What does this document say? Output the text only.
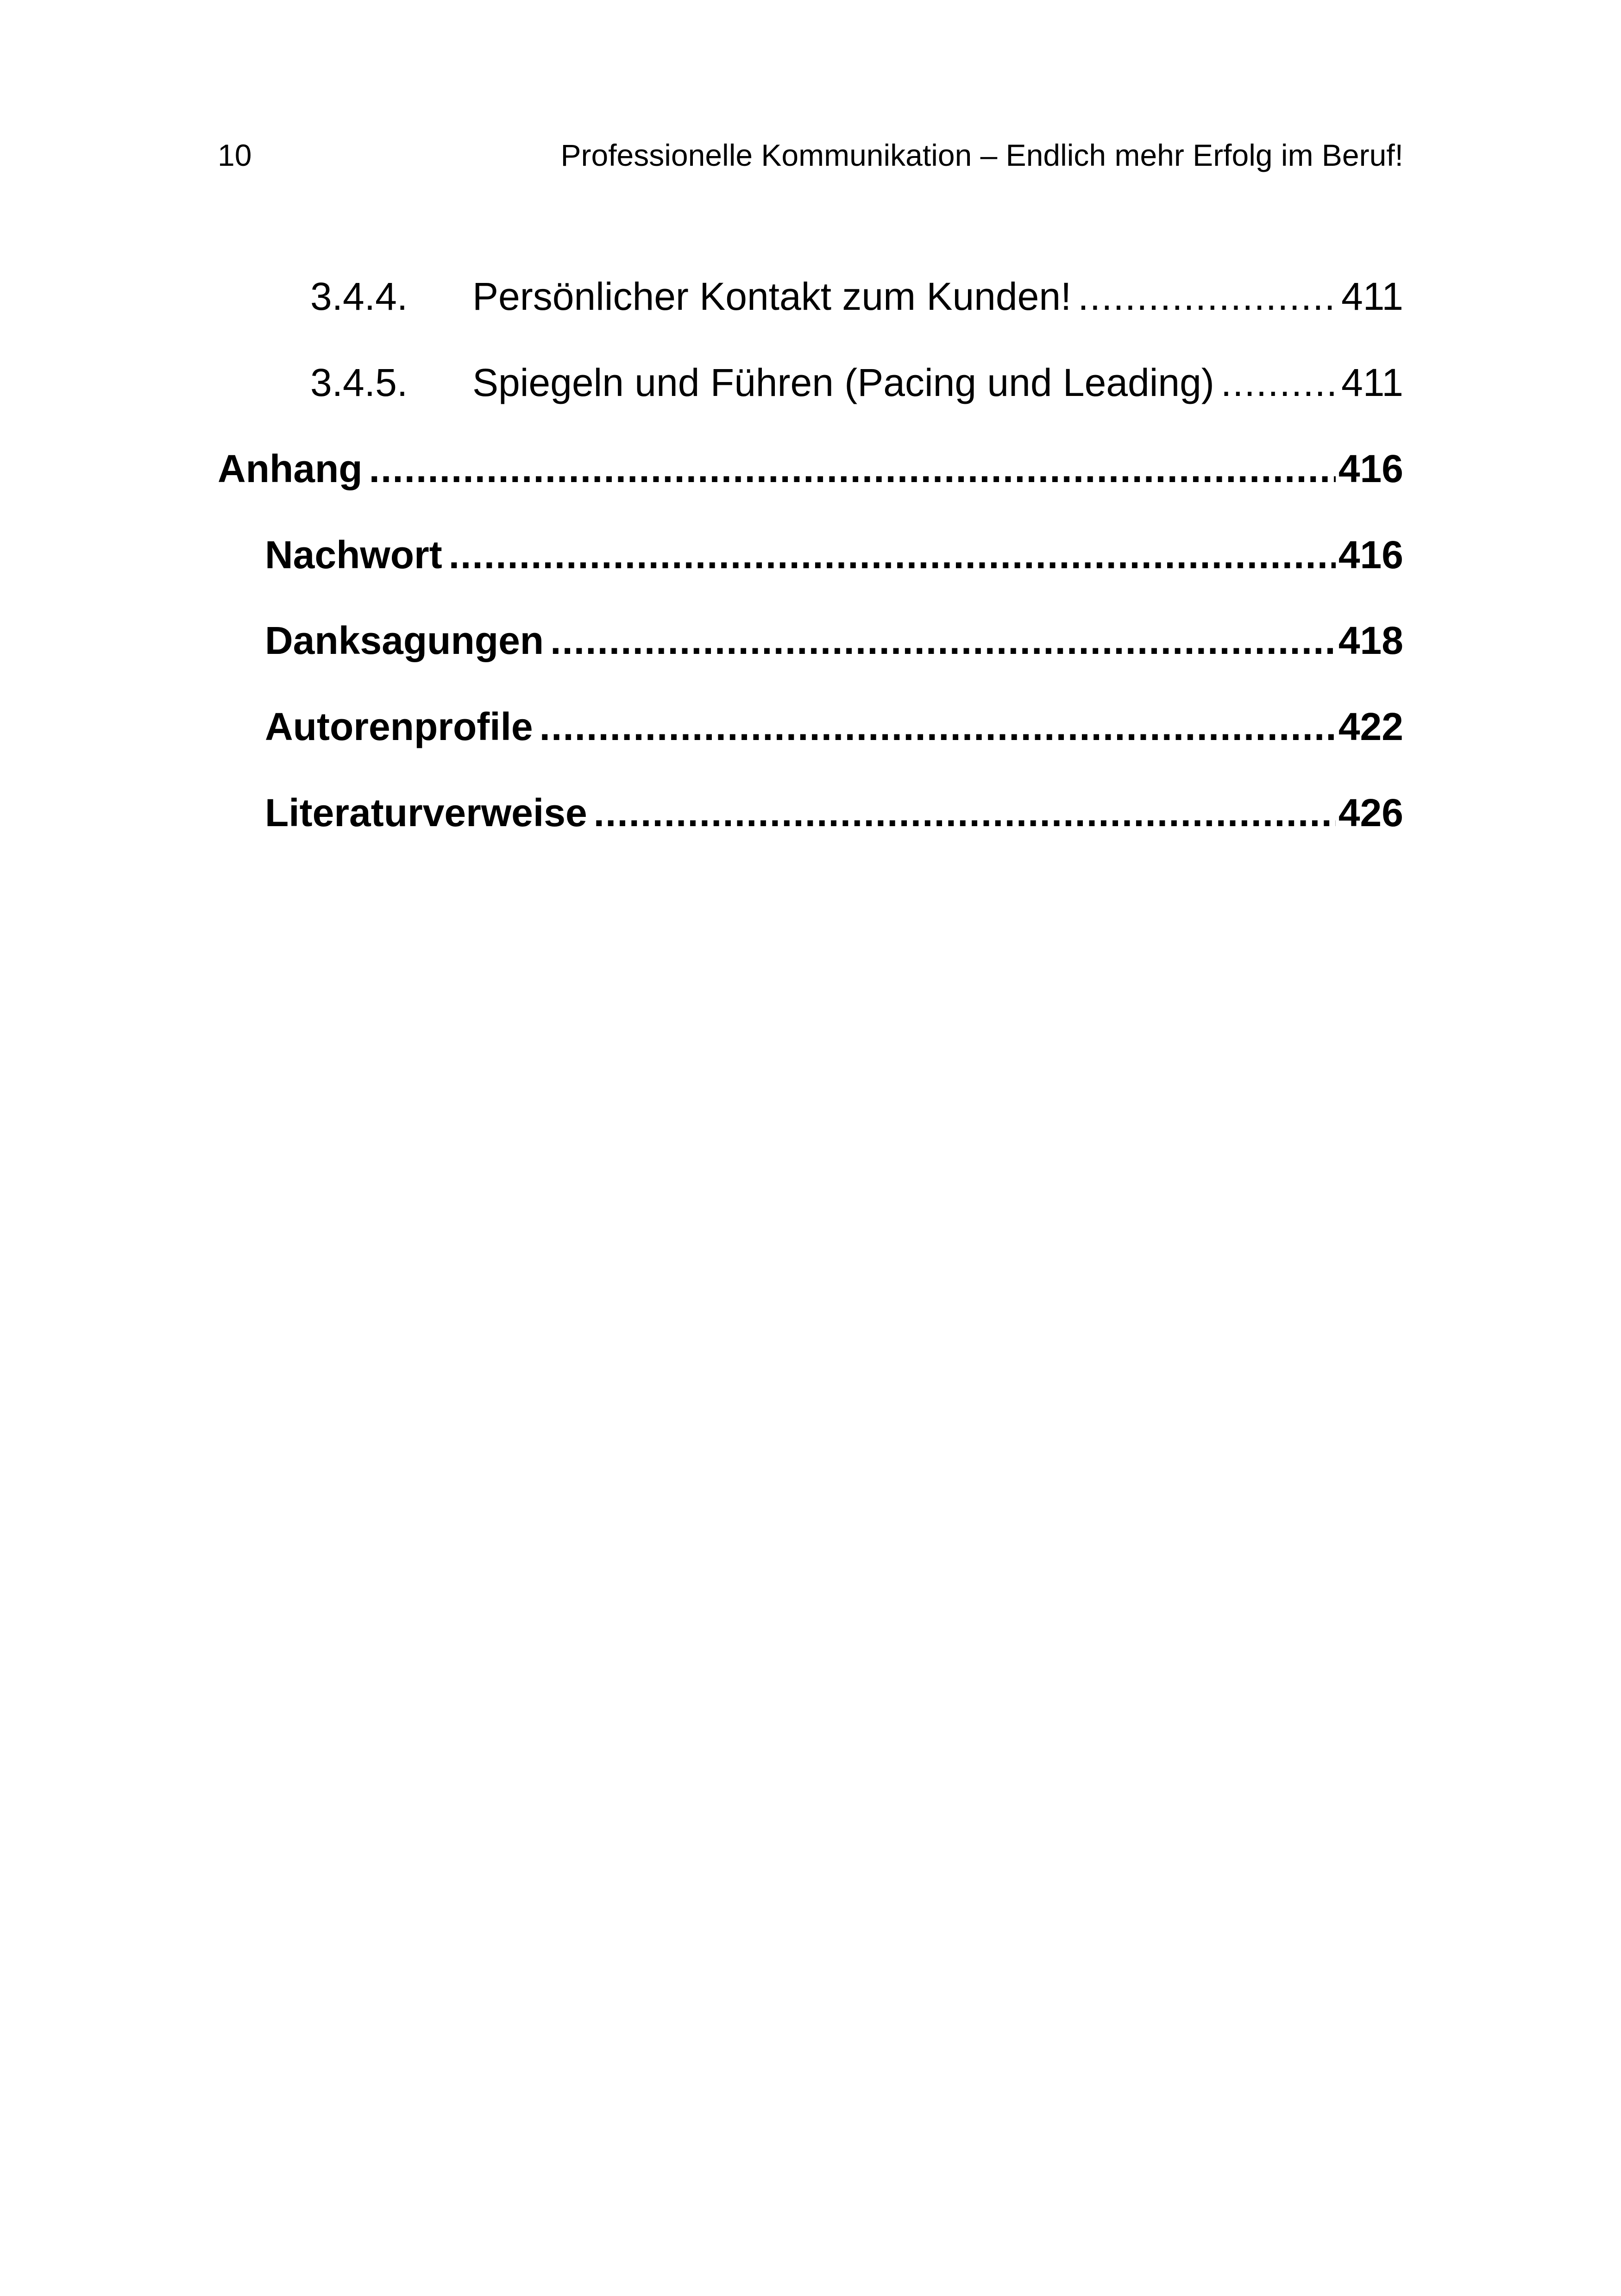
10	Professionelle Kommunikation – Endlich mehr Erfolg im Beruf!
3.4.4.	Persönlicher Kontakt zum Kunden! .....	411
3.4.5.	Spiegeln und Führen (Pacing und Leading) .....	411
Anhang .....	416
Nachwort .....	416
Danksagungen .....	418
Autorenprofile .....	422
Literaturverweise .....	426
